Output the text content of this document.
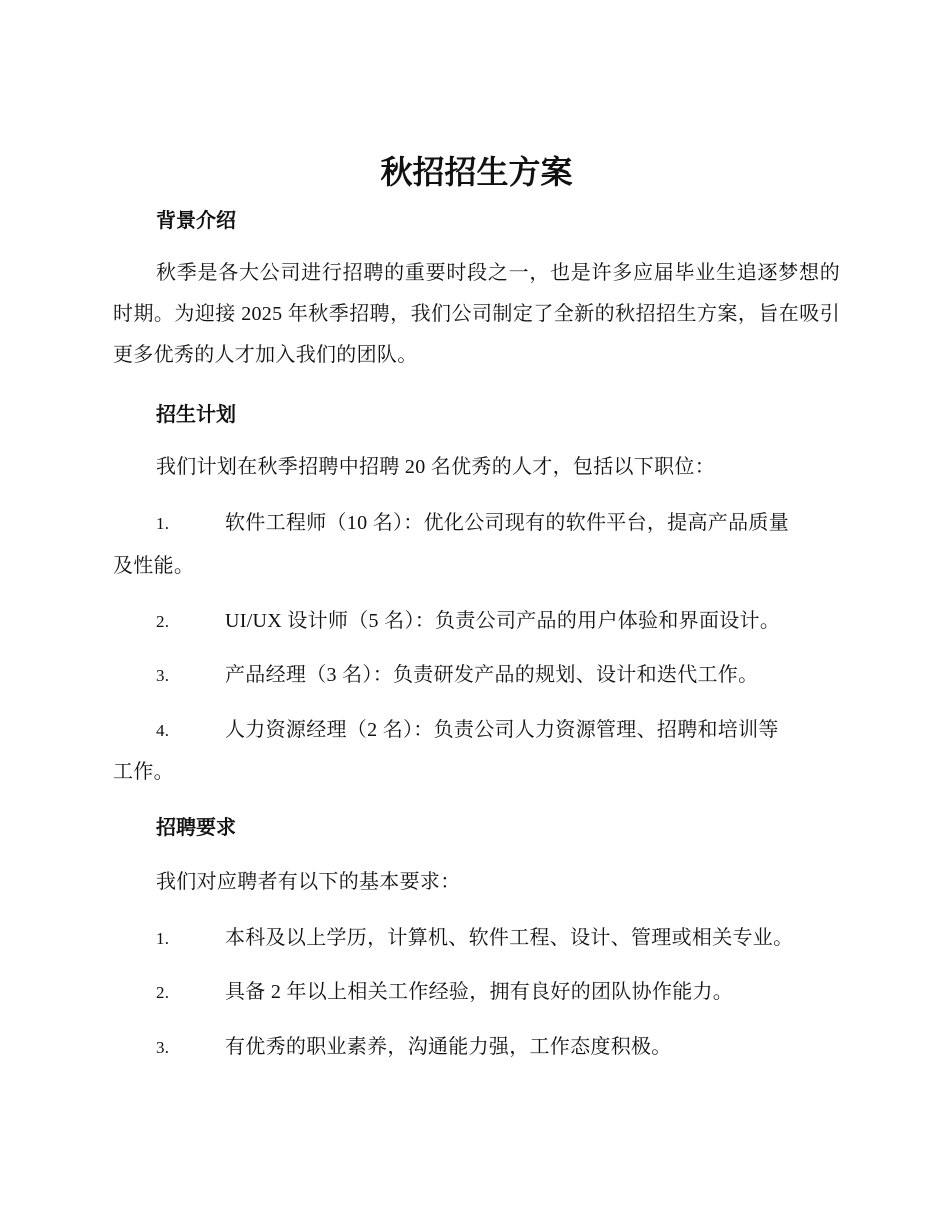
秋招招生方案
背景介绍

秋季是各大公司进行招聘的重要时段之一，也是许多应届毕业生追逐梦想的时期。为迎接 2025 年秋季招聘，我们公司制定了全新的秋招招生方案，旨在吸引更多优秀的人才加入我们的团队。

招生计划

我们计划在秋季招聘中招聘 20 名优秀的人才，包括以下职位：

1.	软件工程师（10 名）：优化公司现有的软件平台，提高产品质量
及性能。
2.	UI/UX 设计师（5 名）：负责公司产品的用户体验和界面设计。
3.	产品经理（3 名）：负责研发产品的规划、设计和迭代工作。
4.	人力资源经理（2 名）：负责公司人力资源管理、招聘和培训等
工作。
招聘要求

我们对应聘者有以下的基本要求：

1.	本科及以上学历，计算机、软件工程、设计、管理或相关专业。
2.	具备 2 年以上相关工作经验，拥有良好的团队协作能力。
3.	有优秀的职业素养，沟通能力强，工作态度积极。
